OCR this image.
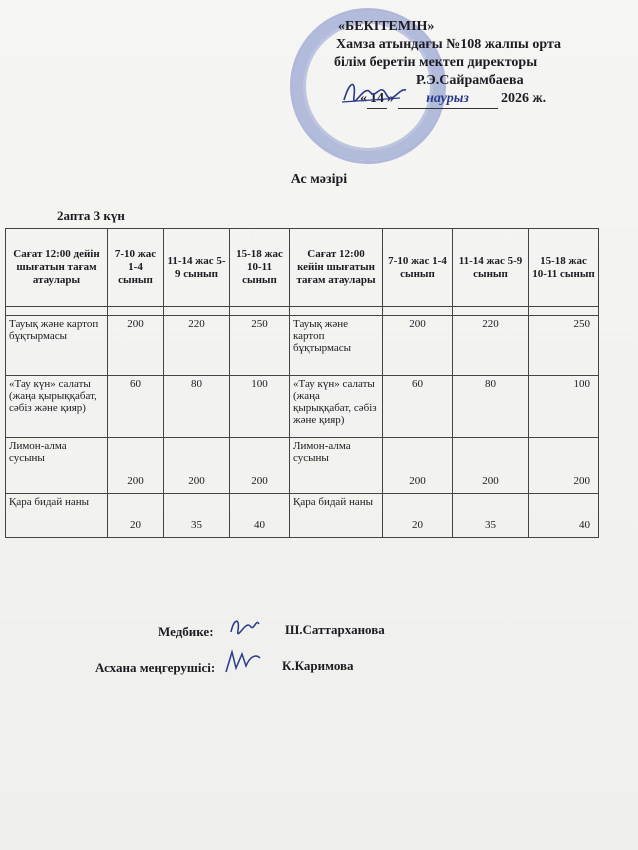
«БЕКІТЕМІН»
Хамза атындағы №108 жалпы орта
білім беретін мектеп директоры
Р.Э.Сайрамбаева
« 14 » наурыз 2026 ж.
Ас мәзірі
2апта 3 күн
Сағат 12:00 дейін шығатын тағам атаулары	7-10 жас 1-4 сынып	11-14 жас 5-9 сынып	15-18 жас 10-11 сынып	Сағат 12:00 кейін шығатын тағам атаулары	7-10 жас 1-4 сынып	11-14 жас 5-9 сынып	15-18 жас 10-11 сынып

Тауық және картоп бұқтырмасы	200	220	250	Тауық және картоп бұқтырмасы	200	220	250
«Тау күн» салаты (жаңа қырыққабат, сәбіз және қияр)	60	80	100	«Тау күн» салаты (жаңа қырыққабат, сәбіз және қияр)	60	80	100
Лимон-алма сусыны	200	200	200	Лимон-алма сусыны	200	200	200
Қара бидай наны	20	35	40	Қара бидай наны	20	35	40
Медбике:	Ш.Саттарханова
Асхана меңгерушісі:	К.Каримова
